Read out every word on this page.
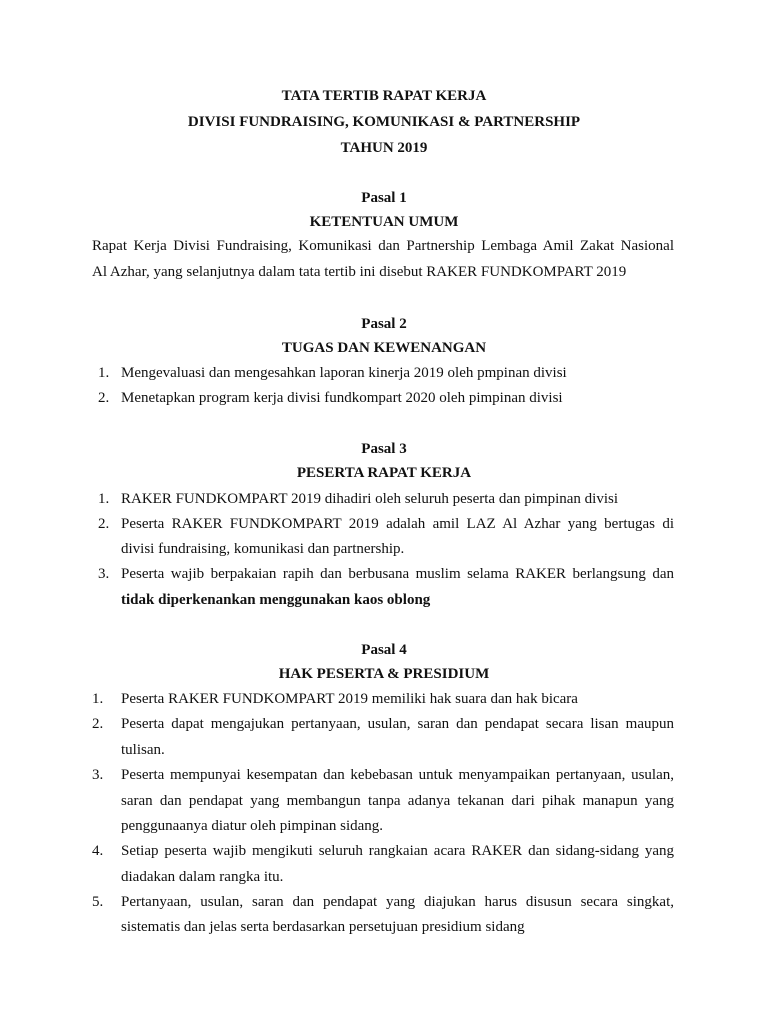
TATA TERTIB RAPAT KERJA
DIVISI FUNDRAISING, KOMUNIKASI & PARTNERSHIP
TAHUN 2019
Pasal 1
KETENTUAN UMUM
Rapat Kerja Divisi Fundraising, Komunikasi dan Partnership Lembaga Amil Zakat Nasional
Al Azhar, yang selanjutnya dalam tata tertib ini disebut RAKER FUNDKOMPART 2019
Pasal 2
TUGAS DAN KEWENANGAN
1. Mengevaluasi dan mengesahkan laporan kinerja 2019 oleh pmpinan divisi
2. Menetapkan program kerja divisi fundkompart 2020 oleh pimpinan divisi
Pasal 3
PESERTA RAPAT KERJA
1. RAKER FUNDKOMPART 2019 dihadiri oleh seluruh peserta dan pimpinan divisi
2. Peserta RAKER FUNDKOMPART 2019 adalah amil LAZ Al Azhar yang bertugas di
divisi fundraising, komunikasi dan partnership.
3. Peserta wajib berpakaian rapih dan berbusana muslim selama RAKER berlangsung dan
tidak diperkenankan menggunakan kaos oblong
Pasal 4
HAK PESERTA & PRESIDIUM
1. Peserta RAKER FUNDKOMPART 2019 memiliki hak suara dan hak bicara
2. Peserta dapat mengajukan pertanyaan, usulan, saran dan pendapat secara lisan maupun
tulisan.
3. Peserta mempunyai kesempatan dan kebebasan untuk menyampaikan pertanyaan, usulan,
saran dan pendapat yang membangun tanpa adanya tekanan dari pihak manapun yang
penggunaanya diatur oleh pimpinan sidang.
4. Setiap peserta wajib mengikuti seluruh rangkaian acara RAKER dan sidang-sidang yang
diadakan dalam rangka itu.
5. Pertanyaan, usulan, saran dan pendapat yang diajukan harus disusun secara singkat,
sistematis dan jelas serta berdasarkan persetujuan presidium sidang
